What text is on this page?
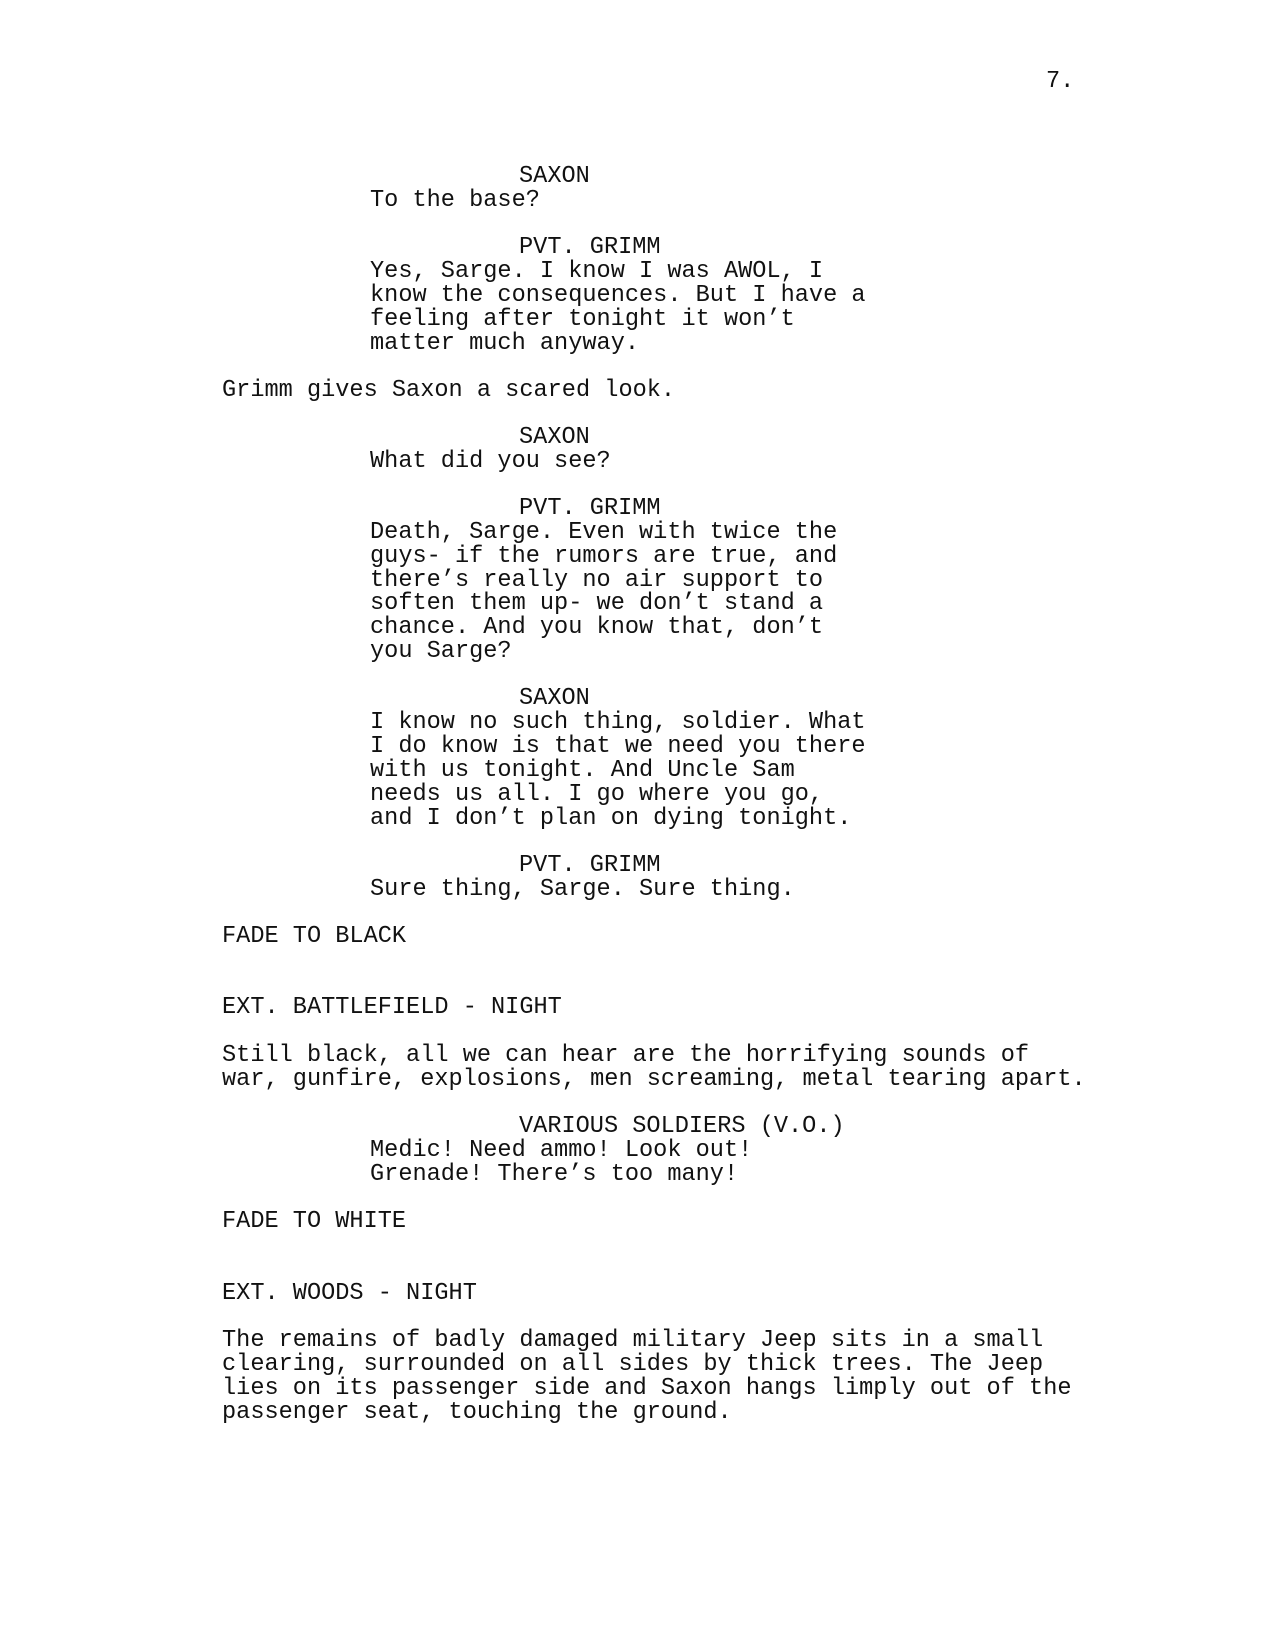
7.
SAXON
To the base?
PVT. GRIMM
Yes, Sarge. I know I was AWOL, I
know the consequences. But I have a
feeling after tonight it won’t
matter much anyway.
Grimm gives Saxon a scared look.
SAXON
What did you see?
PVT. GRIMM
Death, Sarge. Even with twice the
guys- if the rumors are true, and
there’s really no air support to
soften them up- we don’t stand a
chance. And you know that, don’t
you Sarge?
SAXON
I know no such thing, soldier. What
I do know is that we need you there
with us tonight. And Uncle Sam
needs us all. I go where you go,
and I don’t plan on dying tonight.
PVT. GRIMM
Sure thing, Sarge. Sure thing.
FADE TO BLACK
EXT. BATTLEFIELD - NIGHT
Still black, all we can hear are the horrifying sounds of
war, gunfire, explosions, men screaming, metal tearing apart.
VARIOUS SOLDIERS (V.O.)
Medic! Need ammo! Look out!
Grenade! There’s too many!
FADE TO WHITE
EXT. WOODS - NIGHT
The remains of badly damaged military Jeep sits in a small
clearing, surrounded on all sides by thick trees. The Jeep
lies on its passenger side and Saxon hangs limply out of the
passenger seat, touching the ground.
